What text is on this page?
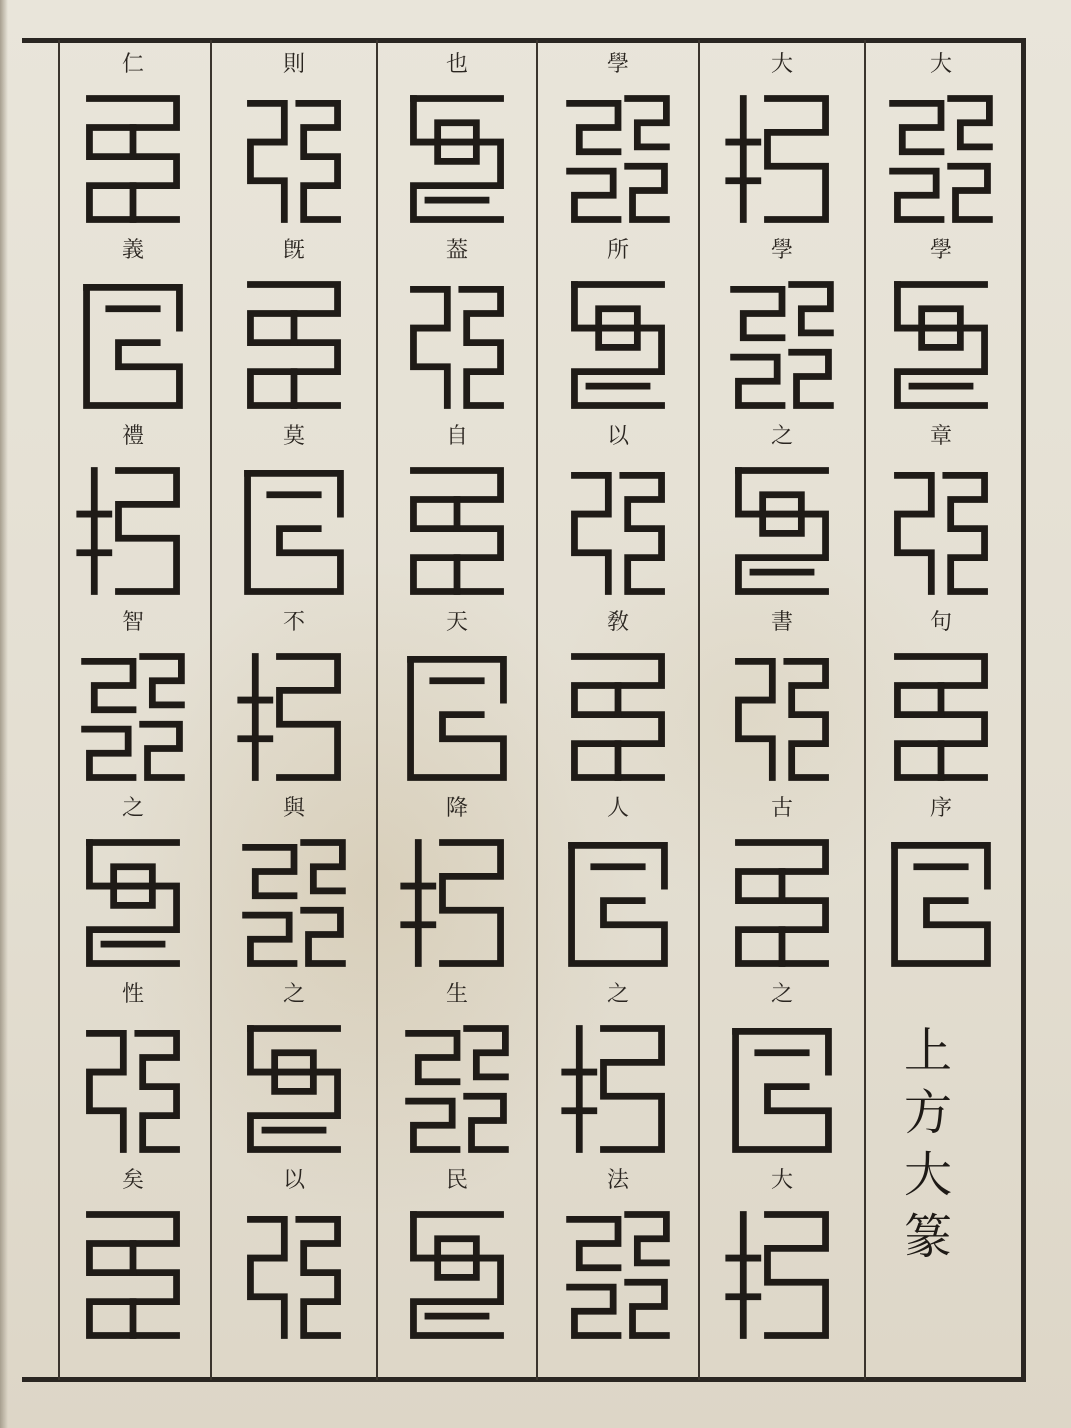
大
學
章
句
序
上
方
大
篆
大
學
之
書
古
之
大
學
所
以
敎
人
之
法
也
葢
自
天
降
生
民
則
旣
莫
不
與
之
以
仁
義
禮
智
之
性
矣
